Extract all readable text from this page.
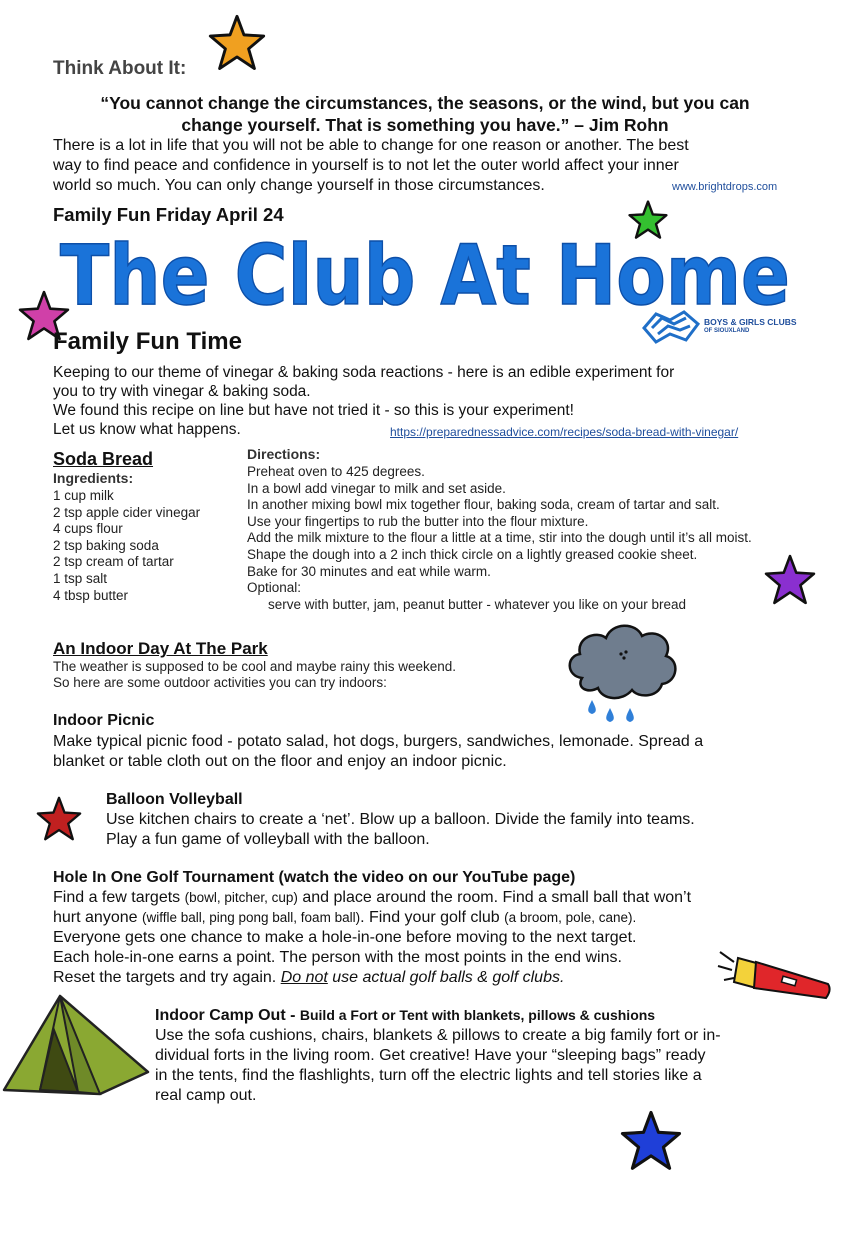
Think About It:
“You cannot change the circumstances, the seasons, or the wind, but you can
change yourself. That is something you have.” – Jim Rohn
There is a lot in life that you will not be able to change for one reason or another. The best
way to find peace and confidence in yourself is to not let the outer world affect your inner
world so much. You can only change yourself in those circumstances.	www.brightdrops.com
Family Fun Friday April 24
The Club At Home
BOYS & GIRLS CLUBS
OF SIOUXLAND
Family Fun Time
Keeping to our theme of vinegar & baking soda reactions - here is an edible experiment for
you to try with vinegar & baking soda.
We found this recipe on line but have not tried it - so this is your experiment!
Let us know what happens.	https://preparednessadvice.com/recipes/soda-bread-with-vinegar/
Soda Bread
Ingredients:
1 cup milk
2 tsp apple cider vinegar
4 cups flour
2 tsp baking soda
2 tsp cream of tartar
1 tsp salt
4 tbsp butter
Directions:
Preheat oven to 425 degrees.
In a bowl add vinegar to milk and set aside.
In another mixing bowl mix together flour, baking soda, cream of tartar and salt.
Use your fingertips to rub the butter into the flour mixture.
Add the milk mixture to the flour a little at a time, stir into the dough until it’s all moist.
Shape the dough into a 2 inch thick circle on a lightly greased cookie sheet.
Bake for 30 minutes and eat while warm.
Optional:
serve with butter, jam, peanut butter - whatever you like on your bread
An Indoor Day At The Park
The weather is supposed to be cool and maybe rainy this weekend.
So here are some outdoor activities you can try indoors:
Indoor Picnic
Make typical picnic food - potato salad, hot dogs, burgers, sandwiches, lemonade. Spread a
blanket or table cloth out on the floor and enjoy an indoor picnic.
Balloon Volleyball
Use kitchen chairs to create a ‘net’. Blow up a balloon. Divide the family into teams.
Play a fun game of volleyball with the balloon.
Hole In One Golf Tournament (watch the video on our YouTube page)
Find a few targets (bowl, pitcher, cup) and place around the room. Find a small ball that won’t
hurt anyone (wiffle ball, ping pong ball, foam ball). Find your golf club (a broom, pole, cane).
Everyone gets one chance to make a hole-in-one before moving to the next target.
Each hole-in-one earns a point. The person with the most points in the end wins.
Reset the targets and try again. Do not use actual golf balls & golf clubs.
Indoor Camp Out - Build a Fort or Tent with blankets, pillows & cushions
Use the sofa cushions, chairs, blankets & pillows to create a big family fort or in-
dividual forts in the living room. Get creative! Have your “sleeping bags” ready
in the tents, find the flashlights, turn off the electric lights and tell stories like a
real camp out.
